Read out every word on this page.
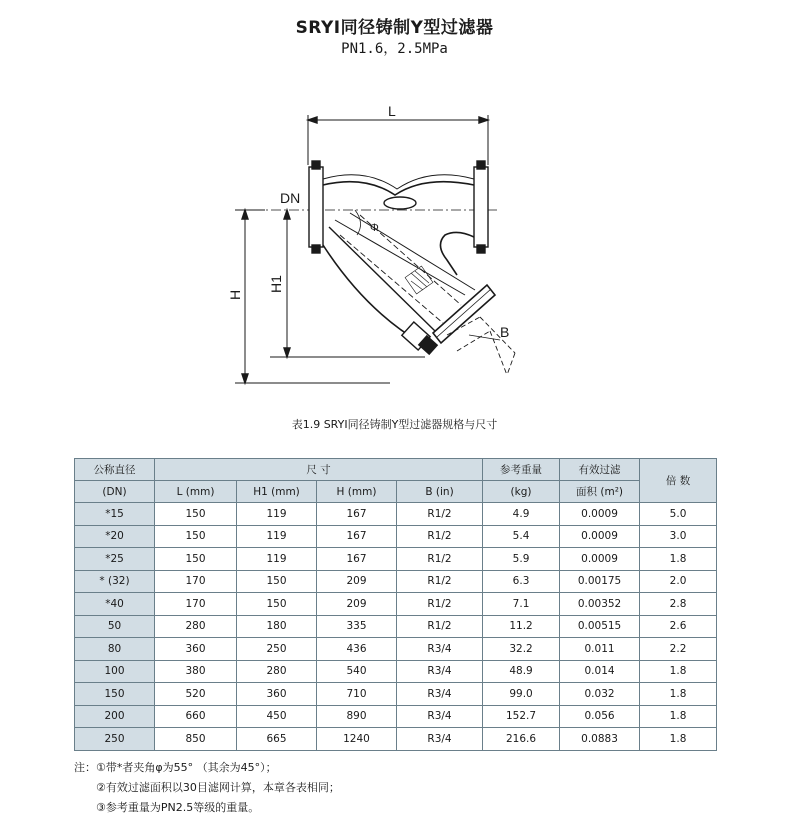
SRYⅠ同径铸制Y型过滤器
PN1.6，2.5MPa
L
DN
B
Φ
H
H1
表1.9 SRYⅠ同径铸制Y型过滤器规格与尺寸
公称直径	尺 寸				参考重量	有效过滤	倍 数
(DN)	L (mm)	H1 (mm)	H (mm)	B (in)	(kg)	面积 (m²)	
*15	150	119	167	R1/2	4.9	0.0009	5.0
*20	150	119	167	R1/2	5.4	0.0009	3.0
*25	150	119	167	R1/2	5.9	0.0009	1.8
* (32)	170	150	209	R1/2	6.3	0.00175	2.0
*40	170	150	209	R1/2	7.1	0.00352	2.8
50	280	180	335	R1/2	11.2	0.00515	2.6
80	360	250	436	R3/4	32.2	0.011	2.2
100	380	280	540	R3/4	48.9	0.014	1.8
150	520	360	710	R3/4	99.0	0.032	1.8
200	660	450	890	R3/4	152.7	0.056	1.8
250	850	665	1240	R3/4	216.6	0.0883	1.8
注：①带*者夹角φ为55° （其余为45°）；
②有效过滤面积以30目滤网计算，本章各表相同；
③参考重量为PN2.5等级的重量。
